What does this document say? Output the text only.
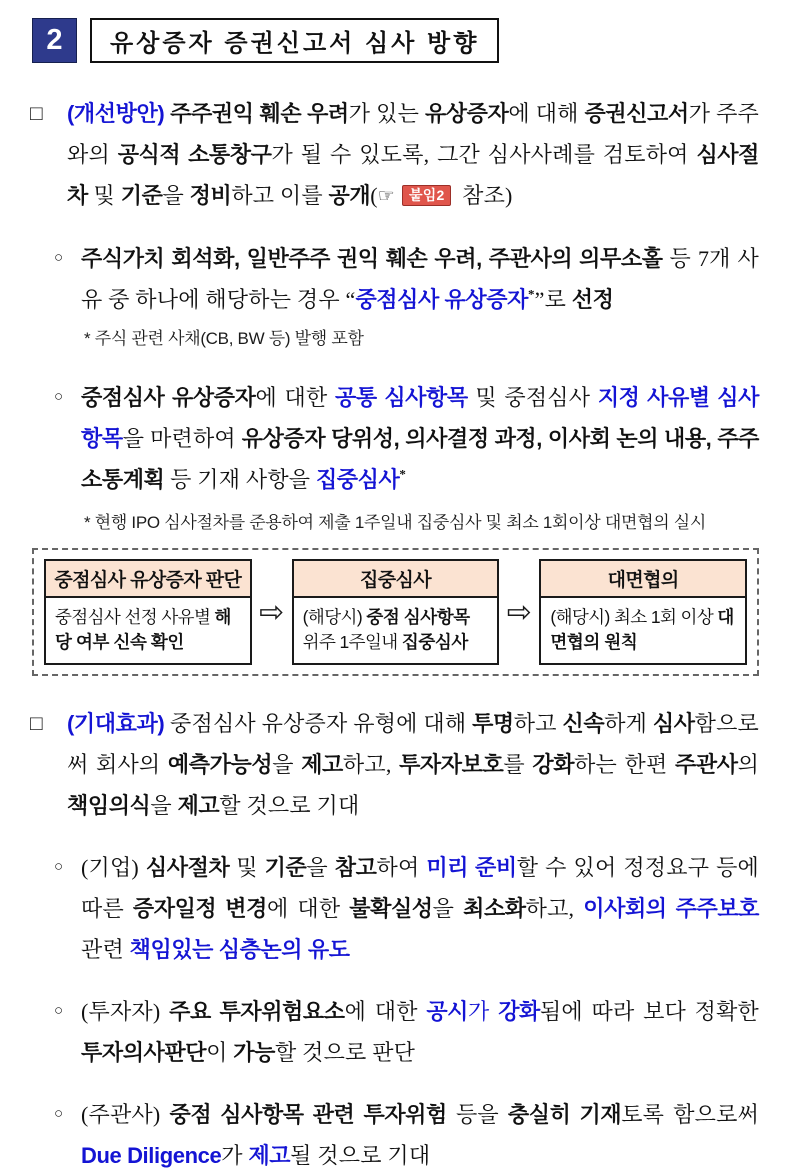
2	유상증자 증권신고서 심사 방향
□	(개선방안) 주주권익 훼손 우려가 있는 유상증자에 대해 증권신고서가 주주와의 공식적 소통창구가 될 수 있도록, 그간 심사사례를 검토하여 심사절차 및 기준을 정비하고 이를 공개(☞ 붙임2 참조)
○ 주식가치 회석화, 일반주주 권익 훼손 우려, 주관사의 의무소홀 등 7개 사유 중 하나에 해당하는 경우 “중점심사 유상증자*”로 선정
* 주식 관련 사채(CB, BW 등) 발행 포함
○ 중점심사 유상증자에 대한 공통 심사항목 및 중점심사 지정 사유별 심사항목을 마련하여 유상증자 당위성, 의사결정 과정, 이사회 논의 내용, 주주 소통계획 등 기재 사항을 집중심사*
* 현행 IPO 심사절차를 준용하여 제출 1주일내 집중심사 및 최소 1회이상 대면협의 실시
중점심사 유상증자 판단
중점심사 선정 사유별 해당 여부 신속 확인
⇨
집중심사
(해당시) 중점 심사항목 위주 1주일내 집중심사
⇨
대면협의
(해당시) 최소 1회 이상 대면협의 원칙
□	(기대효과) 중점심사 유상증자 유형에 대해 투명하고 신속하게 심사함으로써 회사의 예측가능성을 제고하고, 투자자보호를 강화하는 한편 주관사의 책임의식을 제고할 것으로 기대
○ (기업) 심사절차 및 기준을 참고하여 미리 준비할 수 있어 정정요구 등에 따른 증자일정 변경에 대한 불확실성을 최소화하고, 이사회의 주주보호 관련 책임있는 심층논의 유도
○ (투자자) 주요 투자위험요소에 대한 공시가 강화됨에 따라 보다 정확한 투자의사판단이 가능할 것으로 판단
○ (주관사) 중점 심사항목 관련 투자위험 등을 충실히 기재토록 함으로써 Due Diligence가 제고될 것으로 기대
